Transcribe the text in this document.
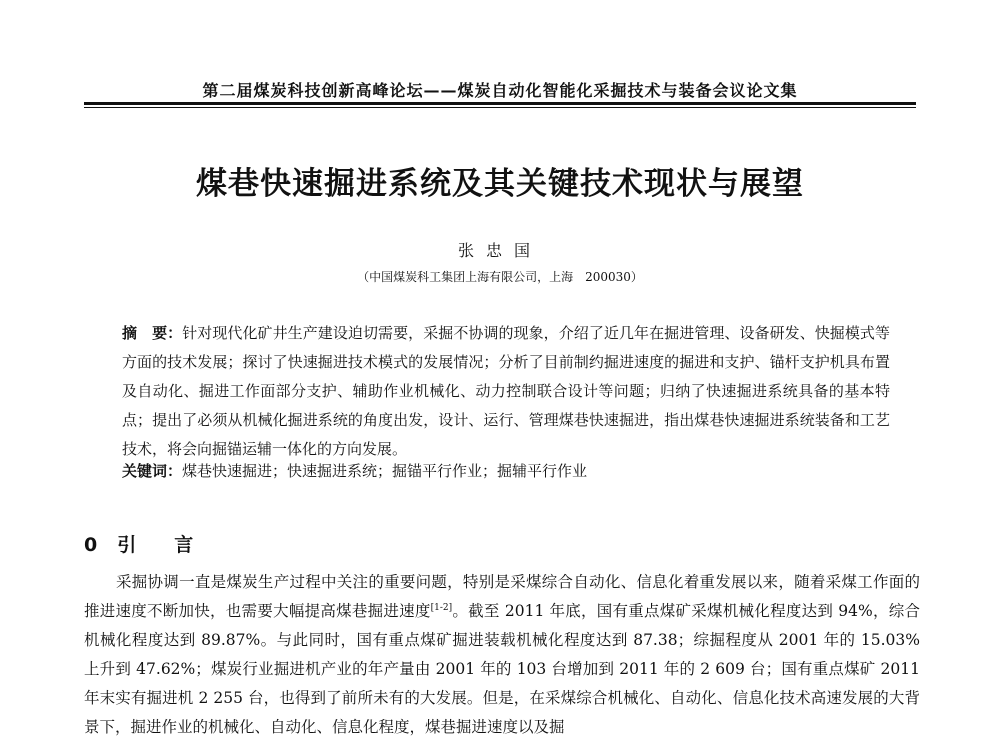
第二届煤炭科技创新高峰论坛——煤炭自动化智能化采掘技术与装备会议论文集
煤巷快速掘进系统及其关键技术现状与展望
张忠国
（中国煤炭科工集团上海有限公司，上海　200030）
摘　要：针对现代化矿井生产建设迫切需要，采掘不协调的现象，介绍了近几年在掘进管理、设备研发、快掘模式等方面的技术发展；探讨了快速掘进技术模式的发展情况；分析了目前制约掘进速度的掘进和支护、锚杆支护机具布置及自动化、掘进工作面部分支护、辅助作业机械化、动力控制联合设计等问题；归纳了快速掘进系统具备的基本特点；提出了必须从机械化掘进系统的角度出发，设计、运行、管理煤巷快速掘进，指出煤巷快速掘进系统装备和工艺技术，将会向掘锚运辅一体化的方向发展。
关键词：煤巷快速掘进；快速掘进系统；掘锚平行作业；掘辅平行作业
0 引 言
采掘协调一直是煤炭生产过程中关注的重要问题，特别是采煤综合自动化、信息化着重发展以来，随着采煤工作面的推进速度不断加快，也需要大幅提高煤巷掘进速度[1-2]。截至 2011 年底，国有重点煤矿采煤机械化程度达到 94%，综合机械化程度达到 89.87%。与此同时，国有重点煤矿掘进装载机械化程度达到 87.38；综掘程度从 2001 年的 15.03% 上升到 47.62%；煤炭行业掘进机产业的年产量由 2001 年的 103 台增加到 2011 年的 2 609 台；国有重点煤矿 2011 年末实有掘进机 2 255 台，也得到了前所未有的大发展。但是，在采煤综合机械化、自动化、信息化技术高速发展的大背景下，掘进作业的机械化、自动化、信息化程度，煤巷掘进速度以及掘
